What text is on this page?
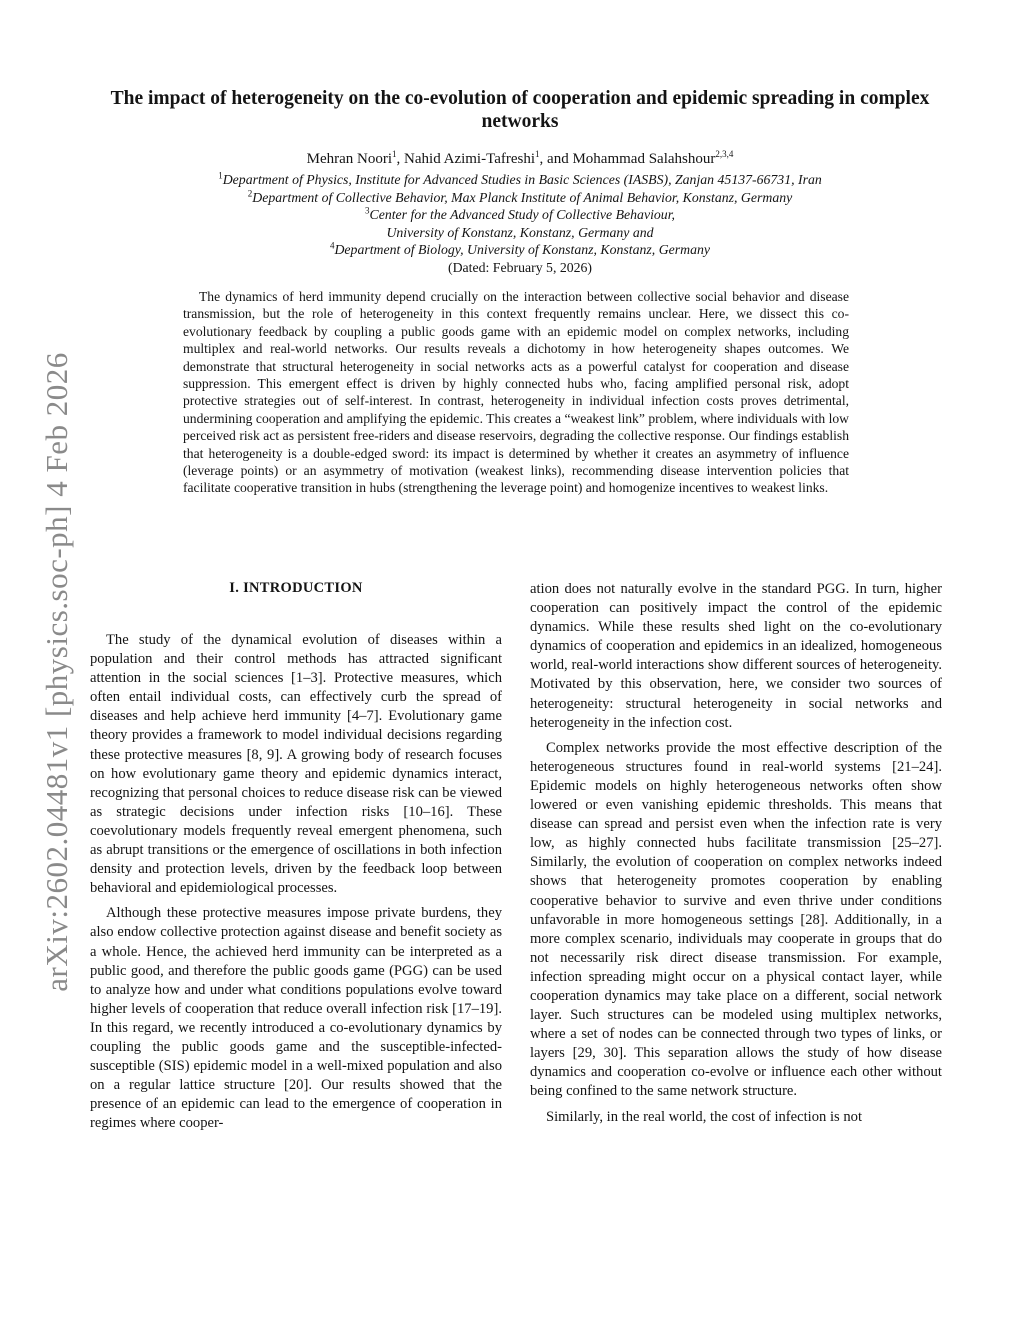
arXiv:2602.04481v1 [physics.soc-ph] 4 Feb 2026
The impact of heterogeneity on the co-evolution of cooperation and epidemic spreading in complex networks
Mehran Noori$^1$, Nahid Azimi-Tafreshi$^1$, and Mohammad Salahshour$^{2,3,4}$
$^1$Department of Physics, Institute for Advanced Studies in Basic Sciences (IASBS), Zanjan 45137-66731, Iran
$^2$Department of Collective Behavior, Max Planck Institute of Animal Behavior, Konstanz, Germany
$^3$Center for the Advanced Study of Collective Behaviour,
University of Konstanz, Konstanz, Germany and
$^4$Department of Biology, University of Konstanz, Konstanz, Germany
(Dated: February 5, 2026)
The dynamics of herd immunity depend crucially on the interaction between collective social behavior and disease transmission, but the role of heterogeneity in this context frequently remains unclear. Here, we dissect this co-evolutionary feedback by coupling a public goods game with an epidemic model on complex networks, including multiplex and real-world networks. Our results reveals a dichotomy in how heterogeneity shapes outcomes. We demonstrate that structural heterogeneity in social networks acts as a powerful catalyst for cooperation and disease suppression. This emergent effect is driven by highly connected hubs who, facing amplified personal risk, adopt protective strategies out of self-interest. In contrast, heterogeneity in individual infection costs proves detrimental, undermining cooperation and amplifying the epidemic. This creates a “weakest link” problem, where individuals with low perceived risk act as persistent free-riders and disease reservoirs, degrading the collective response. Our findings establish that heterogeneity is a double-edged sword: its impact is determined by whether it creates an asymmetry of influence (leverage points) or an asymmetry of motivation (weakest links), recommending disease intervention policies that facilitate cooperative transition in hubs (strengthening the leverage point) and homogenize incentives to weakest links.
I. INTRODUCTION

The study of the dynamical evolution of diseases within a population and their control methods has attracted significant attention in the social sciences [1–3]. Protective measures, which often entail individual costs, can effectively curb the spread of diseases and help achieve herd immunity [4–7]. Evolutionary game theory provides a framework to model individual decisions regarding these protective measures [8, 9]. A growing body of research focuses on how evolutionary game theory and epidemic dynamics interact, recognizing that personal choices to reduce disease risk can be viewed as strategic decisions under infection risks [10–16]. These coevolutionary models frequently reveal emergent phenomena, such as abrupt transitions or the emergence of oscillations in both infection density and protection levels, driven by the feedback loop between behavioral and epidemiological processes.

Although these protective measures impose private burdens, they also endow collective protection against disease and benefit society as a whole. Hence, the achieved herd immunity can be interpreted as a public good, and therefore the public goods game (PGG) can be used to analyze how and under what conditions populations evolve toward higher levels of cooperation that reduce overall infection risk [17–19]. In this regard, we recently introduced a co-evolutionary dynamics by coupling the public goods game and the susceptible-infected-susceptible (SIS) epidemic model in a well-mixed population and also on a regular lattice structure [20]. Our results showed that the presence of an epidemic can lead to the emergence of cooperation in regimes where cooper-

ation does not naturally evolve in the standard PGG. In turn, higher cooperation can positively impact the control of the epidemic dynamics. While these results shed light on the co-evolutionary dynamics of cooperation and epidemics in an idealized, homogeneous world, real-world interactions show different sources of heterogeneity. Motivated by this observation, here, we consider two sources of heterogeneity: structural heterogeneity in social networks and heterogeneity in the infection cost.

Complex networks provide the most effective description of the heterogeneous structures found in real-world systems [21–24]. Epidemic models on highly heterogeneous networks often show lowered or even vanishing epidemic thresholds. This means that disease can spread and persist even when the infection rate is very low, as highly connected hubs facilitate transmission [25–27]. Similarly, the evolution of cooperation on complex networks indeed shows that heterogeneity promotes cooperation by enabling cooperative behavior to survive and even thrive under conditions unfavorable in more homogeneous settings [28]. Additionally, in a more complex scenario, individuals may cooperate in groups that do not necessarily risk direct disease transmission. For example, infection spreading might occur on a physical contact layer, while cooperation dynamics may take place on a different, social network layer. Such structures can be modeled using multiplex networks, where a set of nodes can be connected through two types of links, or layers [29, 30]. This separation allows the study of how disease dynamics and cooperation co-evolve or influence each other without being confined to the same network structure.

Similarly, in the real world, the cost of infection is not
